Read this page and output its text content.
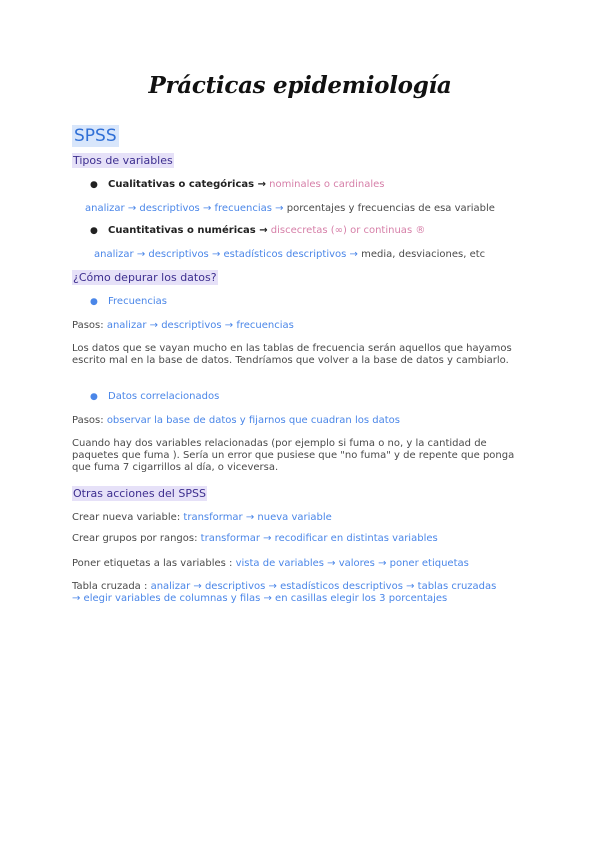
Prácticas epidemiología
SPSS
Tipos de variables
● Cualitativas o categóricas → nominales o cardinales
analizar → descriptivos → frecuencias → porcentajes y frecuencias de esa variable
● Cuantitativas o numéricas → discecretas (∞) or continuas ®
analizar → descriptivos → estadísticos descriptivos → media, desviaciones, etc
¿Cómo depurar los datos?
● Frecuencias
Pasos: analizar → descriptivos → frecuencias
Los datos que se vayan mucho en las tablas de frecuencia serán aquellos que hayamos escrito mal en la base de datos. Tendríamos que volver a la base de datos y cambiarlo.
● Datos correlacionados
Pasos: observar la base de datos y fijarnos que cuadran los datos
Cuando hay dos variables relacionadas (por ejemplo si fuma o no, y la cantidad de paquetes que fuma ). Sería un error que pusiese que "no fuma" y de repente que ponga que fuma 7 cigarrillos al día, o viceversa.
Otras acciones del SPSS
Crear nueva variable: transformar → nueva variable
Crear grupos por rangos: transformar → recodificar en distintas variables
Poner etiquetas a las variables : vista de variables → valores → poner etiquetas
Tabla cruzada : analizar → descriptivos → estadísticos descriptivos → tablas cruzadas
→ elegir variables de columnas y filas → en casillas elegir los 3 porcentajes
